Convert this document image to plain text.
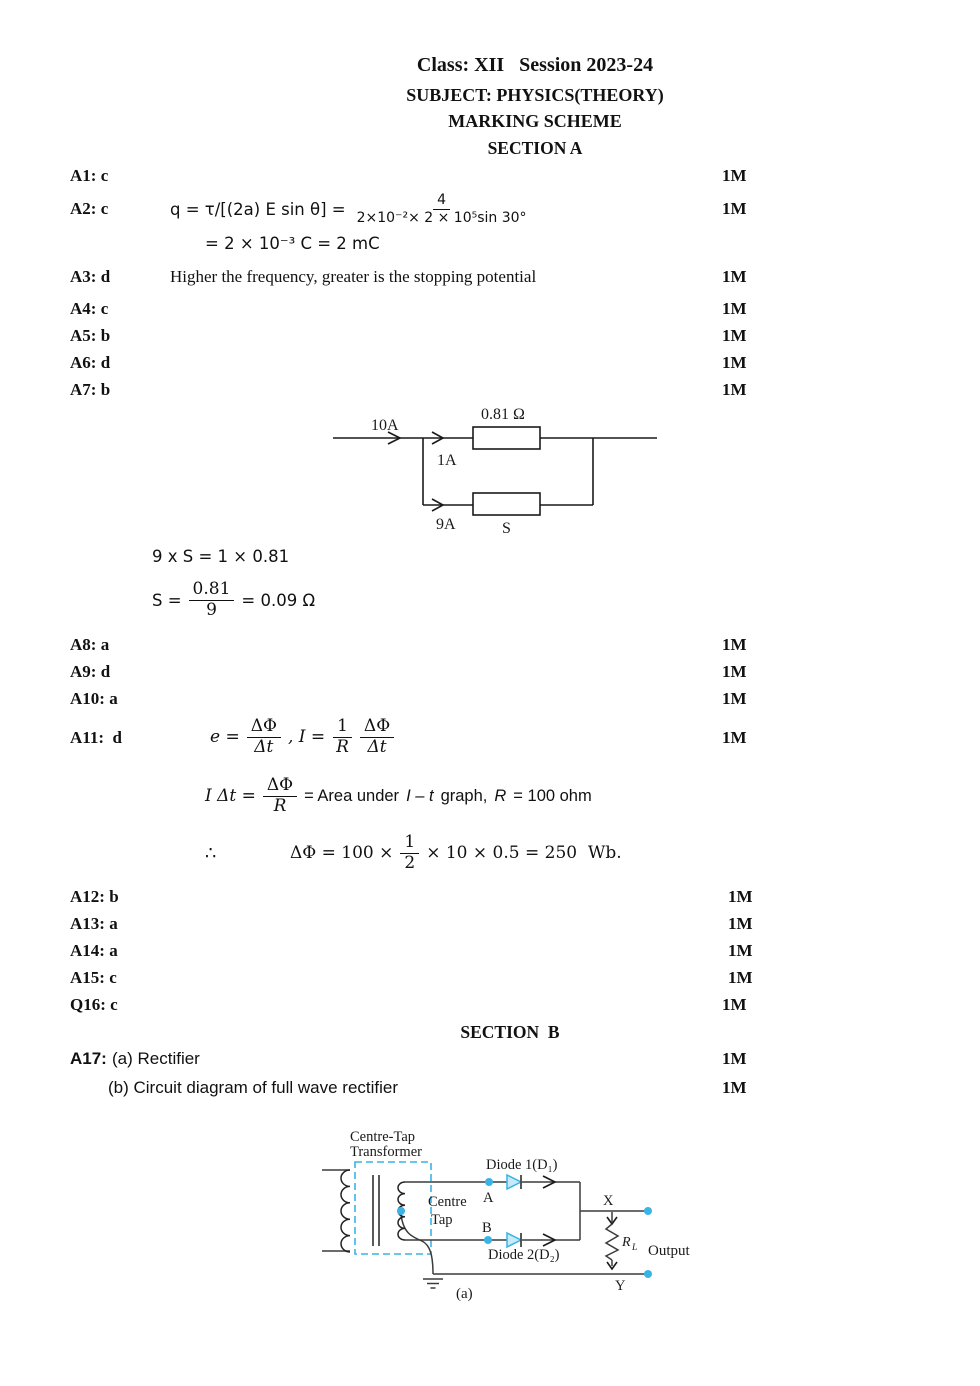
Class: XII   Session 2023-24
SUBJECT: PHYSICS(THEORY)
MARKING SCHEME
SECTION A
A1: c	1M
A2: c	q = τ/[(2a) E $\sin \theta] = \frac{4}{\text{2×10⁻²× 2 × 10⁵sin 30°}}$	1M
= 2 × 10⁻³ C = 2 mC
A3: d	Higher the frequency, greater is the stopping potential	1M
A4: c	1M
A5: b	1M
A6: d	1M
A7: b	1M
10A
1A
9A
0.81 Ω
S
9 x S = 1 × 0.81
$S = \frac{0.81}{9} = 0.09$ Ω
A8: a	1M
A9: d	1M
A10: a	1M
A11:  d	$e = \frac{\Delta\Phi}{\Delta t}$ , $I = \frac{1}{R} \frac{\Delta\Phi}{\Delta t}$	1M
I $\Delta t = \frac{\Delta\Phi}{R}$ = Area under I – t graph, R = 100 ohm
∴	$\Delta\Phi = 100 \times \frac{1}{2} \times 10 \times 0.5 = 250$  Wb.
A12: b	1M
A13: a	1M
A14: a	1M
A15: c	1M
Q16: c	1M
SECTION  B
A17: (a) Rectifier	1M
(b) Circuit diagram of full wave rectifier	1M
Centre-Tap
Transformer
Centre
Tap
A
B
Diode 1(D₁)
Diode 2(D₂)
X
Y
R L Output
(a)
